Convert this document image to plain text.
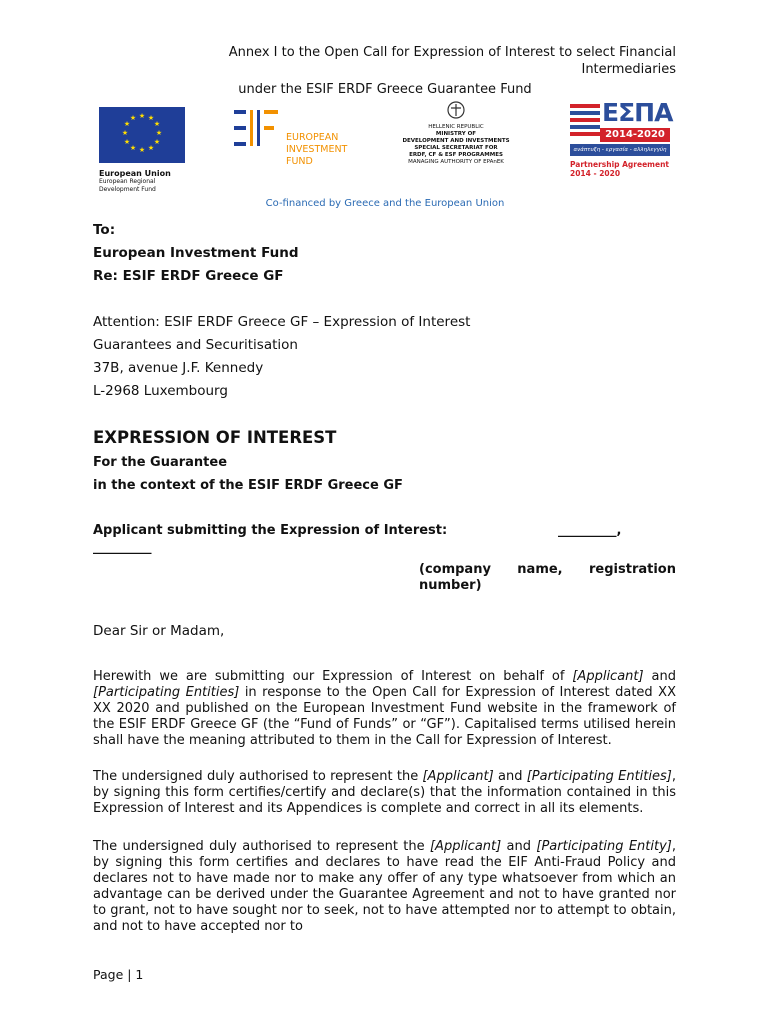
Annex I to the Open Call for Expression of Interest to select Financial
Intermediaries
under the ESIF ERDF Greece Guarantee Fund
★ ★
★
★
★
★
★
★
★
★
★
★
European Union
European Regional
Development Fund
EUROPEAN
INVESTMENT
FUND
HELLENIC REPUBLIC
MINISTRY OF
DEVELOPMENT AND INVESTMENTS
SPECIAL SECRETARIAT FOR
ERDF, CF & ESF PROGRAMMES
MANAGING AUTHORITY OF EPAnEK
ΕΣΠΑ
2014-2020
ανάπτυξη - εργασία - αλληλεγγύη
Partnership Agreement
2014 - 2020
Co-financed by Greece and the European Union
To:
European Investment Fund
Re: ESIF ERDF Greece GF
Attention: ESIF ERDF Greece GF – Expression of Interest
Guarantees and Securitisation
37B, avenue J.F. Kennedy
L-2968 Luxembourg
EXPRESSION OF INTEREST
For the Guarantee
in the context of the ESIF ERDF Greece GF
Applicant submitting the Expression of Interest:	_________,
_________
(company name, registration
number)
Dear Sir or Madam,
Herewith we are submitting our Expression of Interest on behalf of [Applicant] and [Participating Entities] in response to the Open Call for Expression of Interest dated XX XX 2020 and published on the European Investment Fund website in the framework of the ESIF ERDF Greece GF (the “Fund of Funds” or “GF”). Capitalised terms utilised herein shall have the meaning attributed to them in the Call for Expression of Interest.
The undersigned duly authorised to represent the [Applicant] and [Participating Entities], by signing this form certifies/certify and declare(s) that the information contained in this Expression of Interest and its Appendices is complete and correct in all its elements.
The undersigned duly authorised to represent the [Applicant] and [Participating Entity], by signing this form certifies and declares to have read the EIF Anti-Fraud Policy and declares not to have made nor to make any offer of any type whatsoever from which an advantage can be derived under the Guarantee Agreement and not to have granted nor to grant, not to have sought nor to seek, not to have attempted nor to attempt to obtain, and not to have accepted nor to
Page | 1
